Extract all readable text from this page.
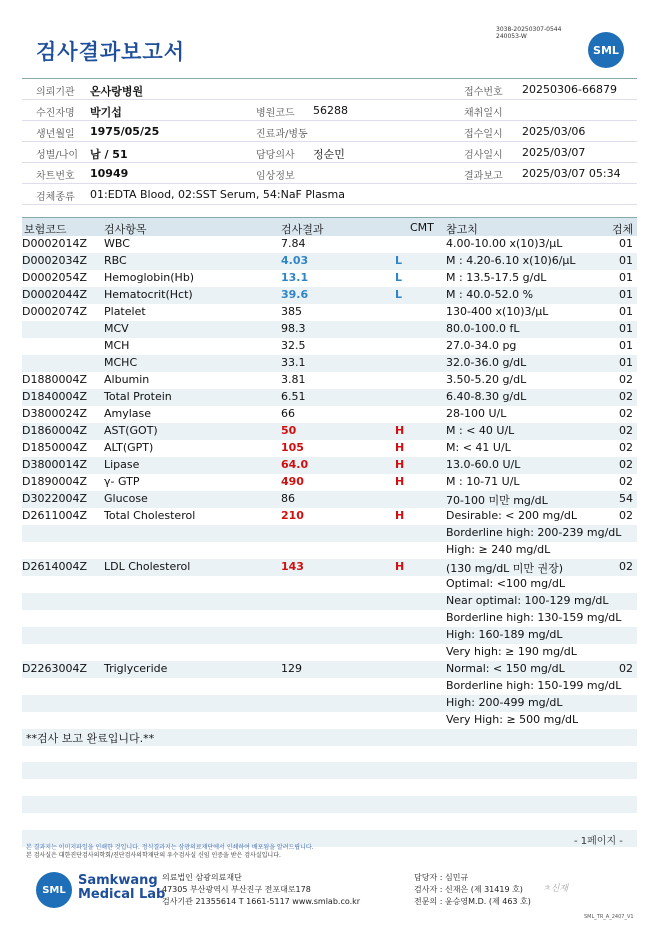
검사결과보고서
3038-20250307-0544
240053-W
SML
의뢰기관 온사랑병원	접수번호 20250306-66879
수진자명 박기섭	병원코드 56288	채취일시
생년월일 1975/05/25	진료과/병동	접수일시 2025/03/06
성별/나이 남 / 51	담당의사 정순민	검사일시 2025/03/07
차트번호 10949	임상정보	결과보고 2025/03/07 05:34
검체종류 01:EDTA Blood, 02:SST Serum, 54:NaF Plasma
보험코드	검사항목	검사결과	CMT 참고치	검체
D0002014Z WBC	7.84	4.00-10.00 x(10)3/μL	01
D0002034Z RBC	4.03	L	M : 4.20-6.10 x(10)6/μL	01
D0002054Z Hemoglobin(Hb)	13.1	L	M : 13.5-17.5 g/dL	01
D0002044Z Hematocrit(Hct)	39.6	L	M : 40.0-52.0 %	01
D0002074Z Platelet	385	130-400 x(10)3/μL	01
MCV	98.3	80.0-100.0 fL	01
MCH	32.5	27.0-34.0 pg	01
MCHC	33.1	32.0-36.0 g/dL	01
D1880004Z Albumin	3.81	3.50-5.20 g/dL	02
D1840004Z Total Protein	6.51	6.40-8.30 g/dL	02
D3800024Z Amylase	66	28-100 U/L	02
D1860004Z AST(GOT)	50	H	M : < 40 U/L	02
D1850004Z ALT(GPT)	105	H	M: < 41 U/L	02
D3800014Z Lipase	64.0	H	13.0-60.0 U/L	02
D1890004Z γ- GTP	490	H	M : 10-71 U/L	02
D3022004Z Glucose	86	70-100 미만 mg/dL	54
D2611004Z Total Cholesterol	210	H	Desirable: < 200 mg/dL	02
Borderline high: 200-239 mg/dL
High: ≥ 240 mg/dL
D2614004Z LDL Cholesterol	143	H	(130 mg/dL 미만 권장)	02
Optimal: <100 mg/dL
Near optimal: 100-129 mg/dL
Borderline high: 130-159 mg/dL
High: 160-189 mg/dL
Very high: ≥ 190 mg/dL
D2263004Z Triglyceride	129	Normal: < 150 mg/dL	02
Borderline high: 150-199 mg/dL
High: 200-499 mg/dL
Very High: ≥ 500 mg/dL
**검사 보고 완료입니다.**
- 1페이지 -
본 결과지는 이미지파일을 인쇄한 것입니다. 정식결과지는 삼광의료재단에서 인쇄하여 배포됨을 알려드립니다.
본 검사실은 대한진단검사의학회/진단검사의학재단의 우수검사실 신임 인증을 받은 검사실입니다.
SML
Samkwang
Medical Lab
의료법인 삼광의료재단
47305 부산광역시 부산진구 전포대로178
검사기관 21355614 T 1661-5117 www.smlab.co.kr
담당자 : 심민규
검사자 : 신재은 (제 31419 호)
전문의 : 윤승영M.D. (제 463 호)
ㅊ신재
SML_TR_A_2407_V1
